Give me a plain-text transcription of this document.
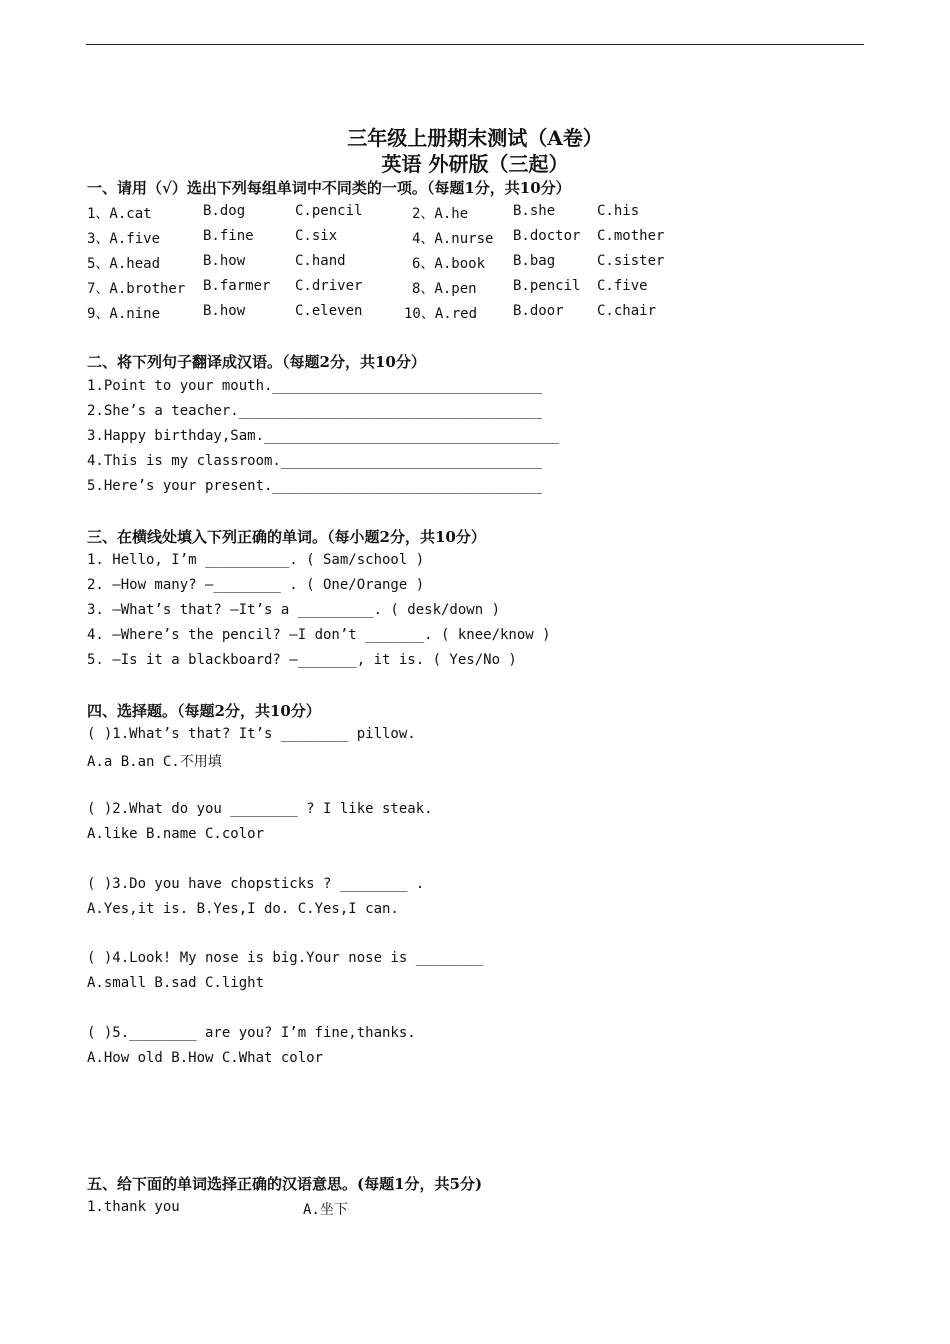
三年级上册期末测试（A卷）
英语 外研版（三起）
一、请用（√）选出下列每组单词中不同类的一项。（每题1分，共10分）
1、A.cat	B.dog	C.pencil	2、A.he	B.she	C.his
3、A.five	B.fine	C.six	4、A.nurse B.doctor C.mother
5、A.head	B.how	C.hand	6、A.book B.bag	C.sister
7、A.brother B.farmer C.driver	8、A.pen	B.pencil C.five
9、A.nine	B.how	C.eleven	10、A.red	B.door C.chair
二、将下列句子翻译成汉语。（每题2分，共10分）
1.Point to your mouth.________________________________
2.She’s a teacher.____________________________________
3.Happy birthday,Sam.___________________________________
4.This is my classroom._______________________________
5.Here’s your present.________________________________
三、在横线处填入下列正确的单词。（每小题2分，共10分）
1. Hello, I’m __________. ( Sam/school )
2. —How many? —________ . ( One/Orange )
3. —What’s that? —It’s a _________. ( desk/down )
4. —Where’s the pencil? —I don’t _______. ( knee/know )
5. —Is it a blackboard? —_______, it is. ( Yes/No )
四、选择题。（每题2分，共10分）
( )1.What’s that? It’s ________ pillow.
A.a B.an C.不用填
( )2.What do you ________ ? I like steak.
A.like B.name C.color
( )3.Do you have chopsticks ? ________ .
A.Yes,it is. B.Yes,I do. C.Yes,I can.
( )4.Look! My nose is big.Your nose is ________
A.small B.sad C.light
( )5.________ are you? I’m fine,thanks.
A.How old B.How C.What color
五、给下面的单词选择正确的汉语意思。(每题1分，共5分)
1.thank you	A.坐下
